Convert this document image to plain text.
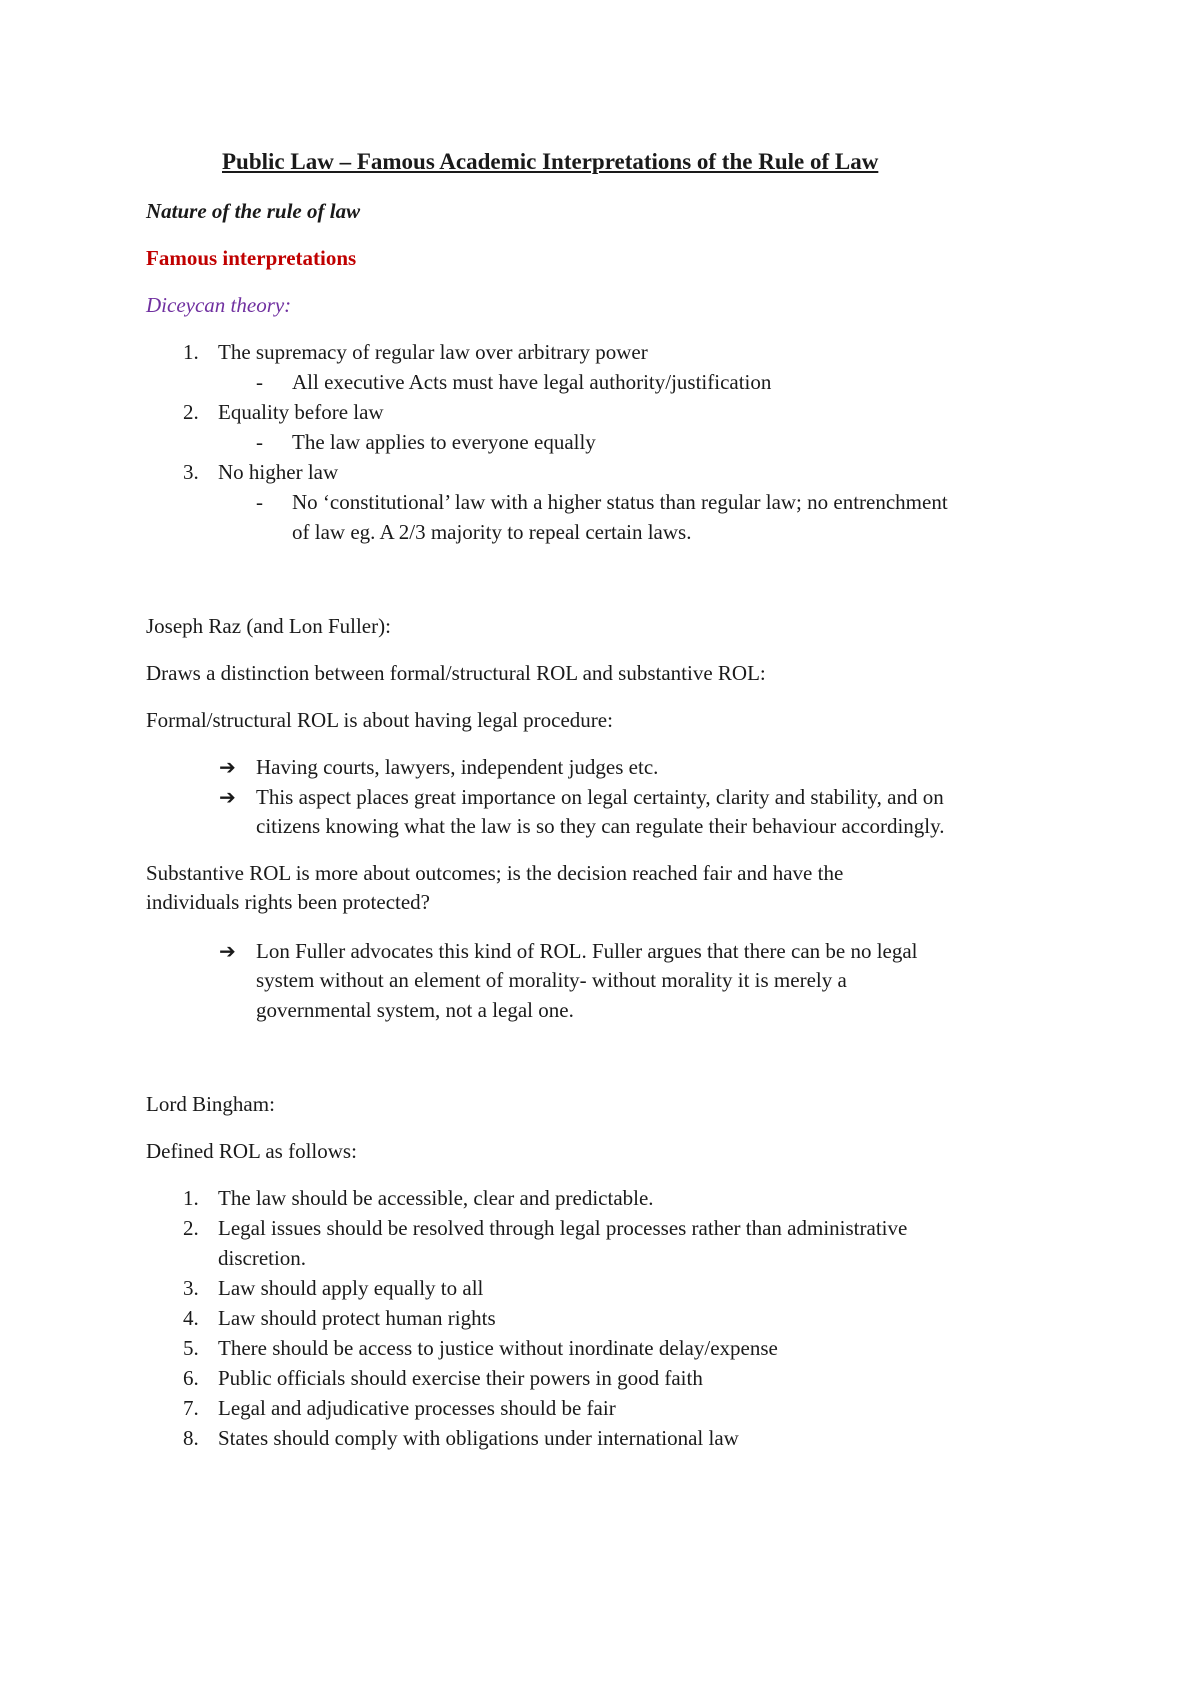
Public Law – Famous Academic Interpretations of the Rule of Law
Nature of the rule of law
Famous interpretations
Diceycan theory:
1. The supremacy of regular law over arbitrary power
- All executive Acts must have legal authority/justification
2. Equality before law
- The law applies to everyone equally
3. No higher law
- No ‘constitutional’ law with a higher status than regular law; no entrenchment
of law eg. A 2/3 majority to repeal certain laws.
Joseph Raz (and Lon Fuller):
Draws a distinction between formal/structural ROL and substantive ROL:
Formal/structural ROL is about having legal procedure:
➔ Having courts, lawyers, independent judges etc.
➔ This aspect places great importance on legal certainty, clarity and stability, and on
citizens knowing what the law is so they can regulate their behaviour accordingly.
Substantive ROL is more about outcomes; is the decision reached fair and have the
individuals rights been protected?
➔ Lon Fuller advocates this kind of ROL. Fuller argues that there can be no legal
system without an element of morality- without morality it is merely a
governmental system, not a legal one.
Lord Bingham:
Defined ROL as follows:
1. The law should be accessible, clear and predictable.
2. Legal issues should be resolved through legal processes rather than administrative
discretion.
3. Law should apply equally to all
4. Law should protect human rights
5. There should be access to justice without inordinate delay/expense
6. Public officials should exercise their powers in good faith
7. Legal and adjudicative processes should be fair
8. States should comply with obligations under international law
